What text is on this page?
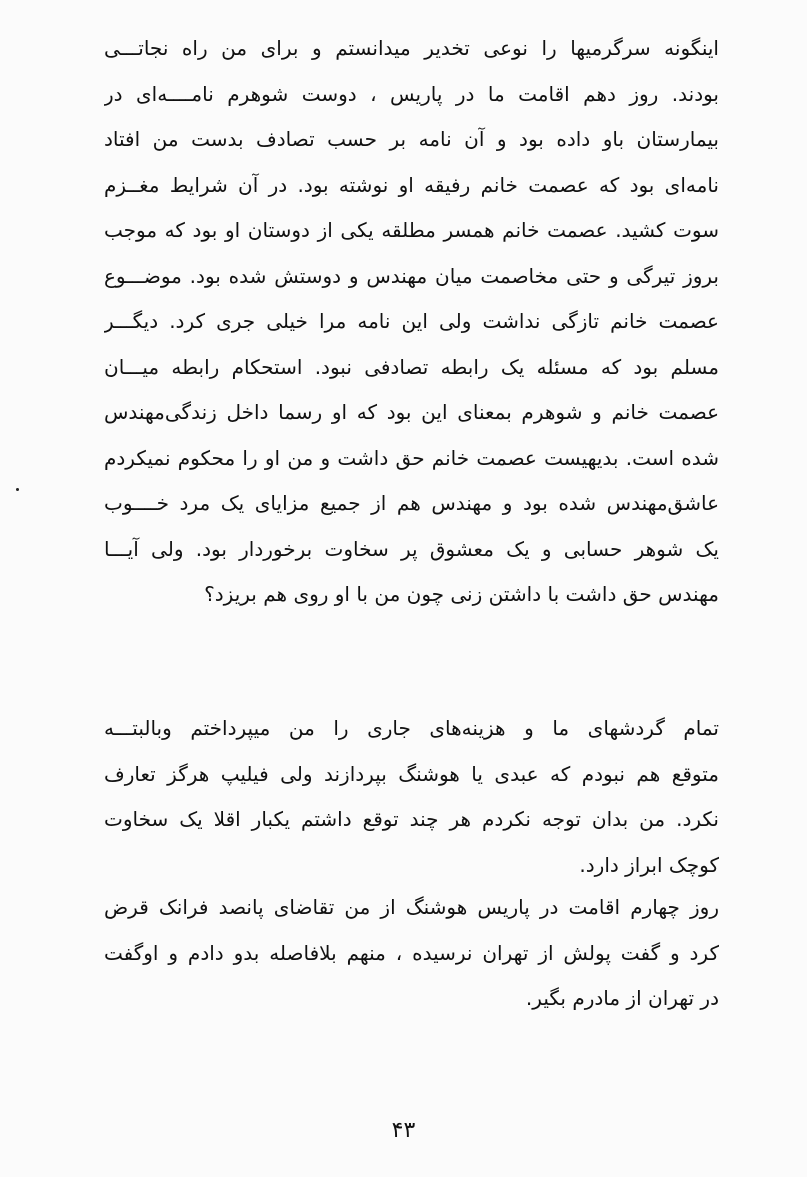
اینگونه سرگرمیها را نوعی تخدیر میدانستم و برای من راه نجاتـــی
بودند. روز دهم اقامت ما در پاریس ، دوست شوهرم نامــــه‌ای در
بیمارستان باو داده بود و آن نامه بر حسب تصادف بدست من افتاد
نامه‌ای بود که عصمت خانم رفیقه او نوشته بود. در آن شرایط مغــزم
سوت کشید. عصمت خانم همسر مطلقه یکی از دوستان او بود که موجب
بروز تیرگی و حتی مخاصمت میان مهندس و دوستش شده بود. موضـــوع
عصمت خانم تازگی نداشت ولی این نامه مرا خیلی جری کرد. دیگـــر
مسلم بود که مسئله یک رابطه تصادفی نبود. استحکام رابطه میـــان
عصمت خانم و شوهرم بمعنای این بود که او رسما داخل زندگی‌مهندس
شده است. بدیهیست عصمت خانم حق داشت و من او را محکوم نمیکردم
عاشق‌مهندس شده بود و مهندس هم از جمیع مزایای یک مرد خــــوب
یک شوهر حسابی و یک معشوق پر سخاوت برخوردار بود. ولی آیـــا
مهندس حق داشت با داشتن زنی چون من با او روی هم بریزد؟
تمام گردشهای ما و هزینه‌های جاری را من میپرداختم وبالبتـــه
متوقع هم نبودم که عبدی یا هوشنگ بپردازند ولی فیلیپ هرگز تعارف
نکرد. من بدان توجه نکردم هر چند توقع داشتم یکبار اقلا یک سخاوت
کوچک ابراز دارد.
روز چهارم اقامت در پاریس هوشنگ از من تقاضای پانصد فرانک قرض
کرد و گفت پولش از تهران نرسیده ، منهم بلافاصله بدو دادم و اوگفت
در تهران از مادرم بگیر.
۴۳
